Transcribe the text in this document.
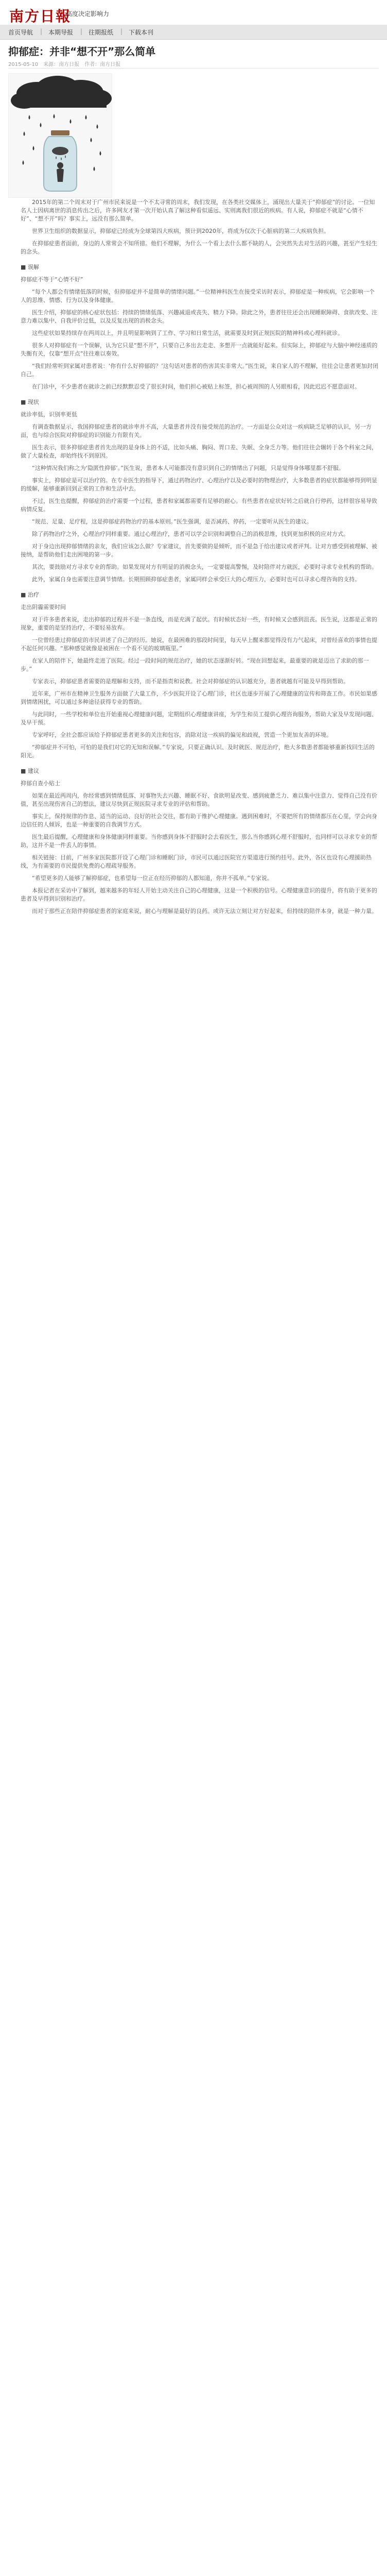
南方日報
高度决定影响力
首页导航 | 本期导报 | 往期报纸 | 下载本刊
抑郁症：并非“想不开”那么简单
2015-05-10　来源：南方日报　作者：南方日报

2015年的第二个周末对于广州市民来说是一个不太寻常的周末，我们发现，在各类社交媒体上，涌现出大量关于“抑郁症”的讨论。一位知名人士因病离世的消息传出之后，许多网友才第一次开始认真了解这种看似遥远、实则离我们很近的疾病。有人说，抑郁症不就是“心情不好”、“想不开”吗？事实上，远没有那么简单。

世界卫生组织的数据显示，抑郁症已经成为全球第四大疾病，预计到2020年，将成为仅次于心脏病的第二大疾病负担。

在抑郁症患者面前，身边的人常常会不知所措。他们不理解，为什么一个看上去什么都不缺的人，会突然失去对生活的兴趣，甚至产生轻生的念头。

■ 误解

抑郁症不等于“心情不好”

“每个人都会有情绪低落的时候，但抑郁症并不是简单的情绪问题。”一位精神科医生在接受采访时表示，抑郁症是一种疾病，它会影响一个人的思维、情感、行为以及身体健康。

医生介绍，抑郁症的核心症状包括：持续的情绪低落、兴趣减退或丧失、精力下降。除此之外，患者往往还会出现睡眠障碍、食欲改变、注意力难以集中、自我评价过低，以及反复出现的消极念头。

这些症状如果持续存在两周以上，并且明显影响到了工作、学习和日常生活，就需要及时到正规医院的精神科或心理科就诊。

很多人对抑郁症有一个误解，认为它只是“想不开”，只要自己多出去走走、多想开一点就能好起来。但实际上，抑郁症与大脑中神经递质的失衡有关，仅靠“想开点”往往难以奏效。

“我们经常听到家属对患者说：‘你有什么好抑郁的？’这句话对患者的伤害其实非常大。”医生说，来自家人的不理解，往往会让患者更加封闭自己。

在门诊中，不少患者在就诊之前已经默默忍受了很长时间，他们担心被贴上标签，担心被周围的人另眼相看，因此迟迟不愿意面对。

■ 现状

就诊率低，识别率更低

有调查数据显示，我国抑郁症患者的就诊率并不高，大量患者并没有接受规范的治疗。一方面是公众对这一疾病缺乏足够的认识，另一方面，也与综合医院对抑郁症的识别能力有限有关。

医生表示，很多抑郁症患者首先出现的是身体上的不适，比如头痛、胸闷、胃口差、失眠、全身乏力等。他们往往会辗转于各个科室之间，做了大量检查，却始终找不到原因。

“这种情况我们称之为‘隐匿性抑郁’。”医生说，患者本人可能都没有意识到自己的情绪出了问题，只是觉得身体哪里都不舒服。

事实上，抑郁症是可以治疗的。在专业医生的指导下，通过药物治疗、心理治疗以及必要时的物理治疗，大多数患者的症状都能够得到明显的缓解，能够重新回到正常的工作和生活中去。

不过，医生也提醒，抑郁症的治疗需要一个过程，患者和家属都需要有足够的耐心。有些患者在症状好转之后就自行停药，这样很容易导致病情反复。

“规范、足量、足疗程，这是抑郁症药物治疗的基本原则。”医生强调，是否减药、停药，一定要听从医生的建议。

除了药物治疗之外，心理治疗同样重要。通过心理治疗，患者可以学会识别和调整自己的消极思维，找到更加积极的应对方式。

对于身边出现抑郁情绪的亲友，我们应该怎么做？专家建议，首先要做的是倾听，而不是急于给出建议或者评判。让对方感受到被理解、被接纳，是帮助他们走出困境的第一步。

其次，要鼓励对方寻求专业的帮助。如果发现对方有明显的消极念头，一定要提高警惕，及时陪伴对方就医，必要时寻求专业机构的帮助。

此外，家属自身也需要注意调节情绪。长期照顾抑郁症患者，家属同样会承受巨大的心理压力，必要时也可以寻求心理咨询的支持。

■ 治疗

走出阴霾需要时间

对于许多患者来说，走出抑郁的过程并不是一条直线，而是充满了起伏。有时候状态好一些，有时候又会感到沮丧。医生说，这都是正常的现象，重要的是坚持治疗，不要轻易放弃。

一位曾经患过抑郁症的市民讲述了自己的经历。她说，在最困难的那段时间里，每天早上醒来都觉得没有力气起床，对曾经喜欢的事情也提不起任何兴趣。“那种感觉就像是被困在一个看不见的玻璃瓶里。”

在家人的陪伴下，她最终走进了医院。经过一段时间的规范治疗，她的状态逐渐好转。“现在回想起来，最重要的就是迈出了求助的那一步。”

专家表示，抑郁症患者需要的是理解和支持，而不是指责和说教。社会对抑郁症的认识越充分，患者就越有可能及早得到帮助。

近年来，广州市在精神卫生服务方面做了大量工作，不少医院开设了心理门诊，社区也逐步开展了心理健康的宣传和筛查工作。市民如果感到情绪困扰，可以通过多种途径获得专业的帮助。

与此同时，一些学校和单位也开始重视心理健康问题，定期组织心理健康讲座，为学生和员工提供心理咨询服务，帮助大家及早发现问题、及早干预。

专家呼吁，全社会都应该给予抑郁症患者更多的关注和包容，消除对这一疾病的偏见和歧视，营造一个更加友善的环境。

“抑郁症并不可怕，可怕的是我们对它的无知和误解。”专家说，只要正确认识、及时就医、规范治疗，绝大多数患者都能够重新找回生活的阳光。

■ 建议

抑郁自查小贴士

如果在最近两周内，你经常感到情绪低落、对事物失去兴趣、睡眠不好、食欲明显改变、感到疲惫乏力、难以集中注意力、觉得自己没有价值，甚至出现伤害自己的想法，建议尽快到正规医院寻求专业的评估和帮助。

事实上，保持规律的作息、适当的运动、良好的社会交往，都有助于维护心理健康。遇到困难时，不要把所有的情绪都压在心里，学会向身边信任的人倾诉，也是一种重要的自我调节方式。

医生最后提醒，心理健康和身体健康同样重要。当你感到身体不舒服时会去看医生，那么当你感到心理不舒服时，也同样可以寻求专业的帮助，这并不是一件丢人的事情。

相关链接：目前，广州多家医院都开设了心理门诊和睡眠门诊，市民可以通过医院官方渠道进行预约挂号。此外，各区也设有心理援助热线，为有需要的市民提供免费的心理疏导服务。

“希望更多的人能够了解抑郁症，也希望每一位正在经历抑郁的人都知道，你并不孤单。”专家说。

本报记者在采访中了解到，越来越多的年轻人开始主动关注自己的心理健康，这是一个积极的信号。心理健康意识的提升，将有助于更多的患者及早得到识别和治疗。

而对于那些正在陪伴抑郁症患者的家庭来说，耐心与理解是最好的良药。或许无法立刻让对方好起来，但持续的陪伴本身，就是一种力量。
